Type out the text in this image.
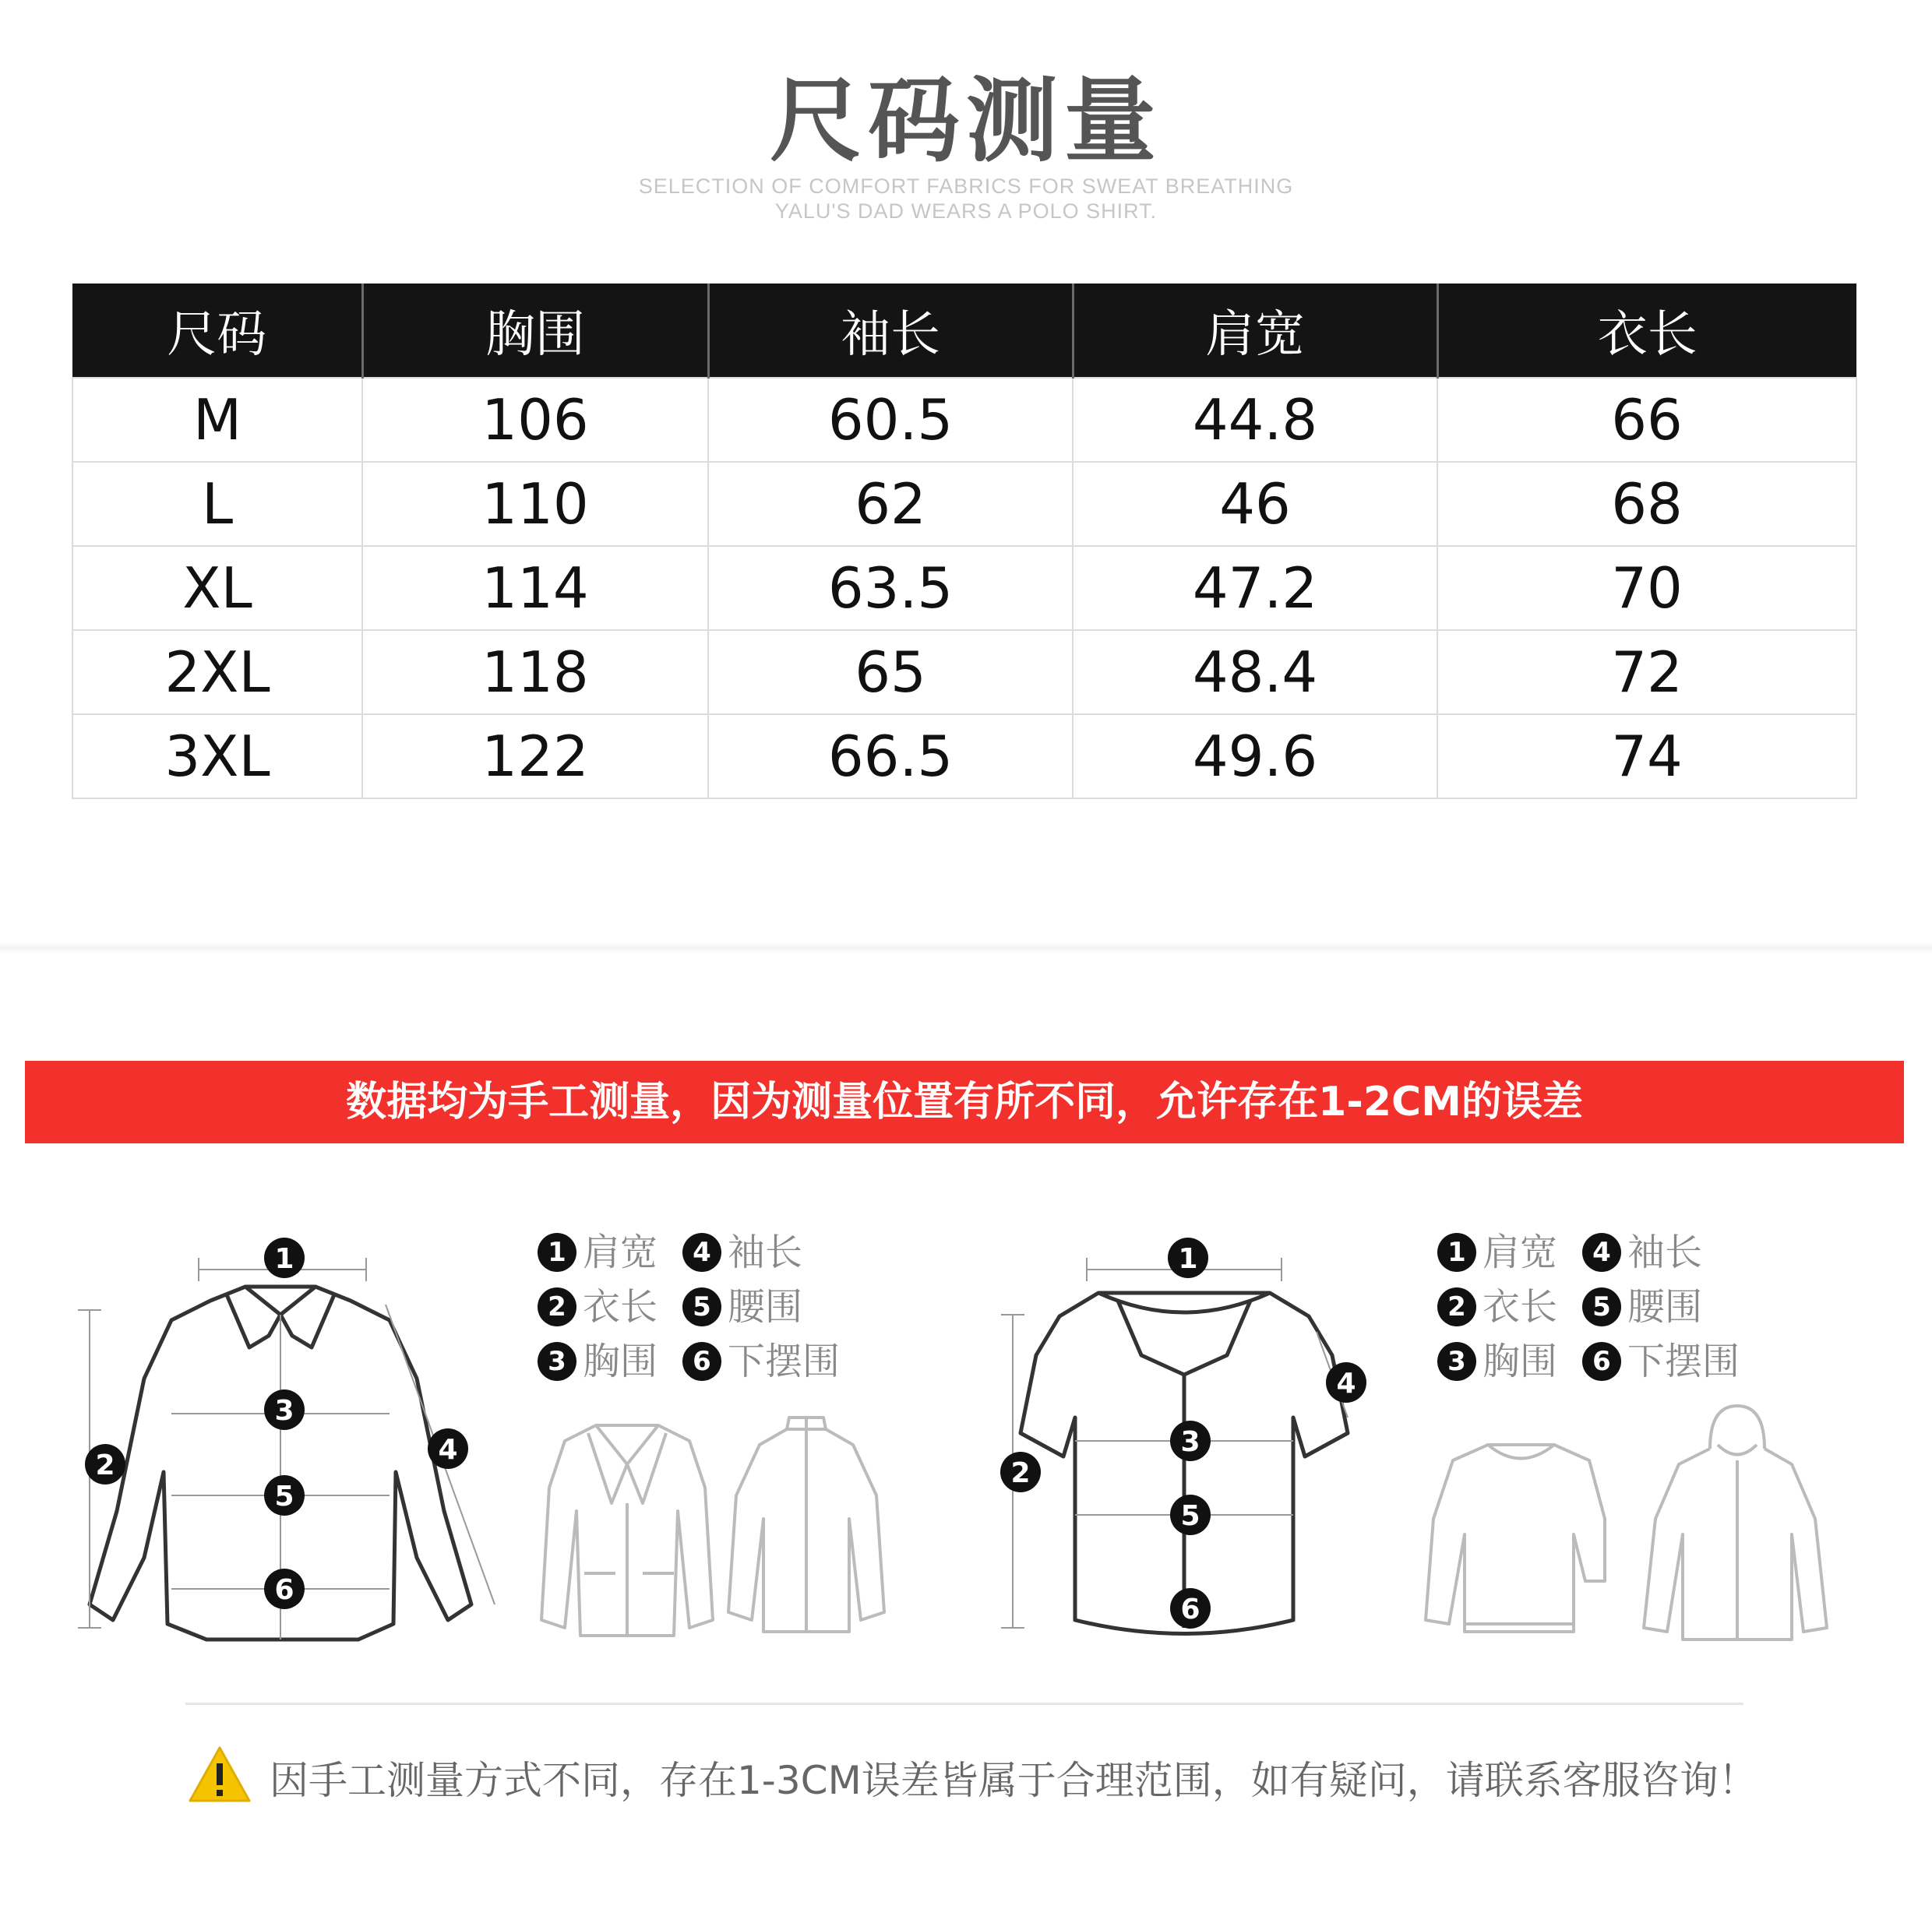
尺码测量
SELECTION OF COMFORT FABRICS FOR SWEAT BREATHING
YALU'S DAD WEARS A POLO SHIRT.
尺码	胸围	袖长	肩宽	衣长
M	106	60.5	44.8	66
L	110	62	46	68
XL	114	63.5	47.2	70
2XL	118	65	48.4	72
3XL	122	66.5	49.6	74
数据均为手工测量，因为测量位置有所不同，允许存在1-2CM的误差
1
2
3
4
5
6
1 肩宽 4 袖长
2 衣长 5 腰围
3 胸围 6 下摆围
1
2
3
4
5
6
1 肩宽 4 袖长
2 衣长 5 腰围
3 胸围 6 下摆围
因手工测量方式不同，存在1-3CM误差皆属于合理范围，如有疑问，请联系客服咨询！
